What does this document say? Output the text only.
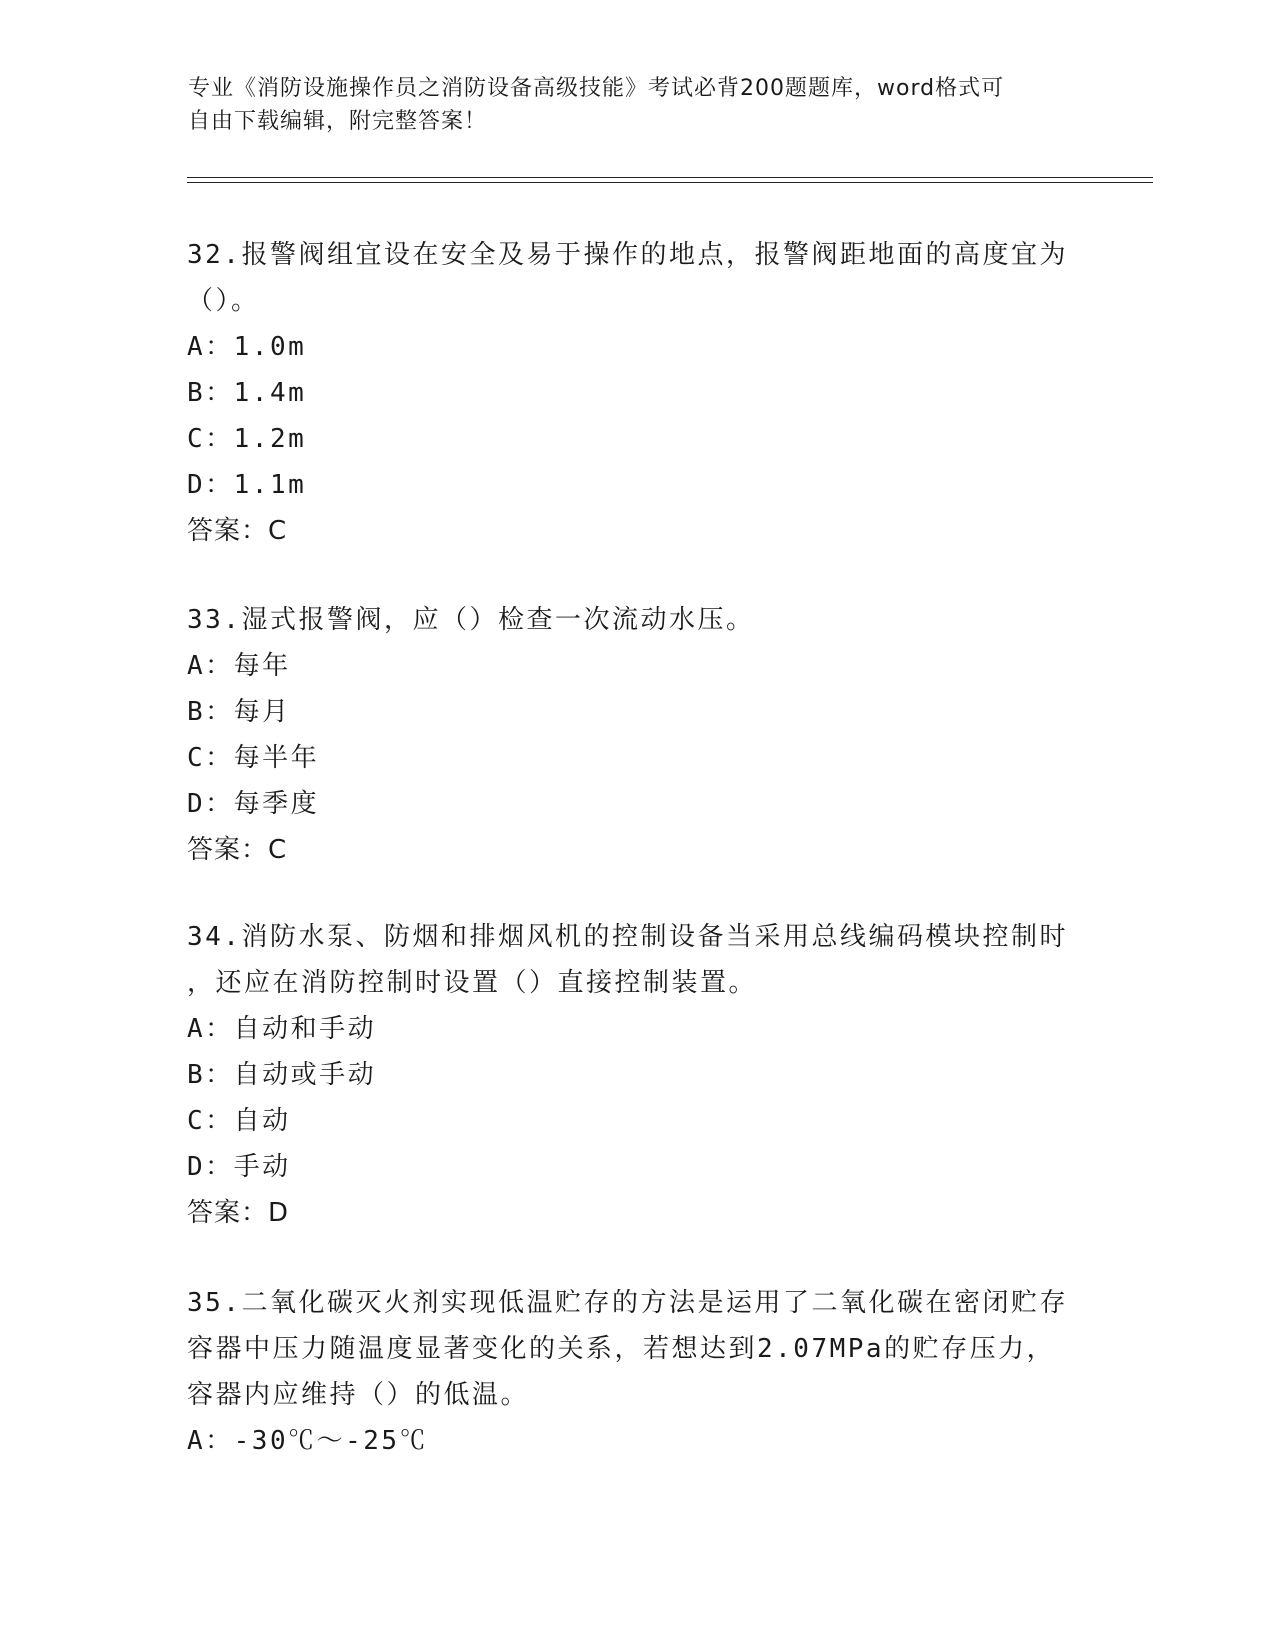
专业《消防设施操作员之消防设备高级技能》考试必背200题题库，word格式可
自由下载编辑，附完整答案！
32.报警阀组宜设在安全及易于操作的地点，报警阀距地面的高度宜为
（）。
A：1.0m
B：1.4m
C：1.2m
D：1.1m
答案：C
33.湿式报警阀，应（）检查一次流动水压。
A：每年
B：每月
C：每半年
D：每季度
答案：C
34.消防水泵、防烟和排烟风机的控制设备当采用总线编码模块控制时
，还应在消防控制时设置（）直接控制装置。
A：自动和手动
B：自动或手动
C：自动
D：手动
答案：D
35.二氧化碳灭火剂实现低温贮存的方法是运用了二氧化碳在密闭贮存
容器中压力随温度显著变化的关系，若想达到2.07MPa的贮存压力，
容器内应维持（）的低温。
A：-30℃～-25℃
